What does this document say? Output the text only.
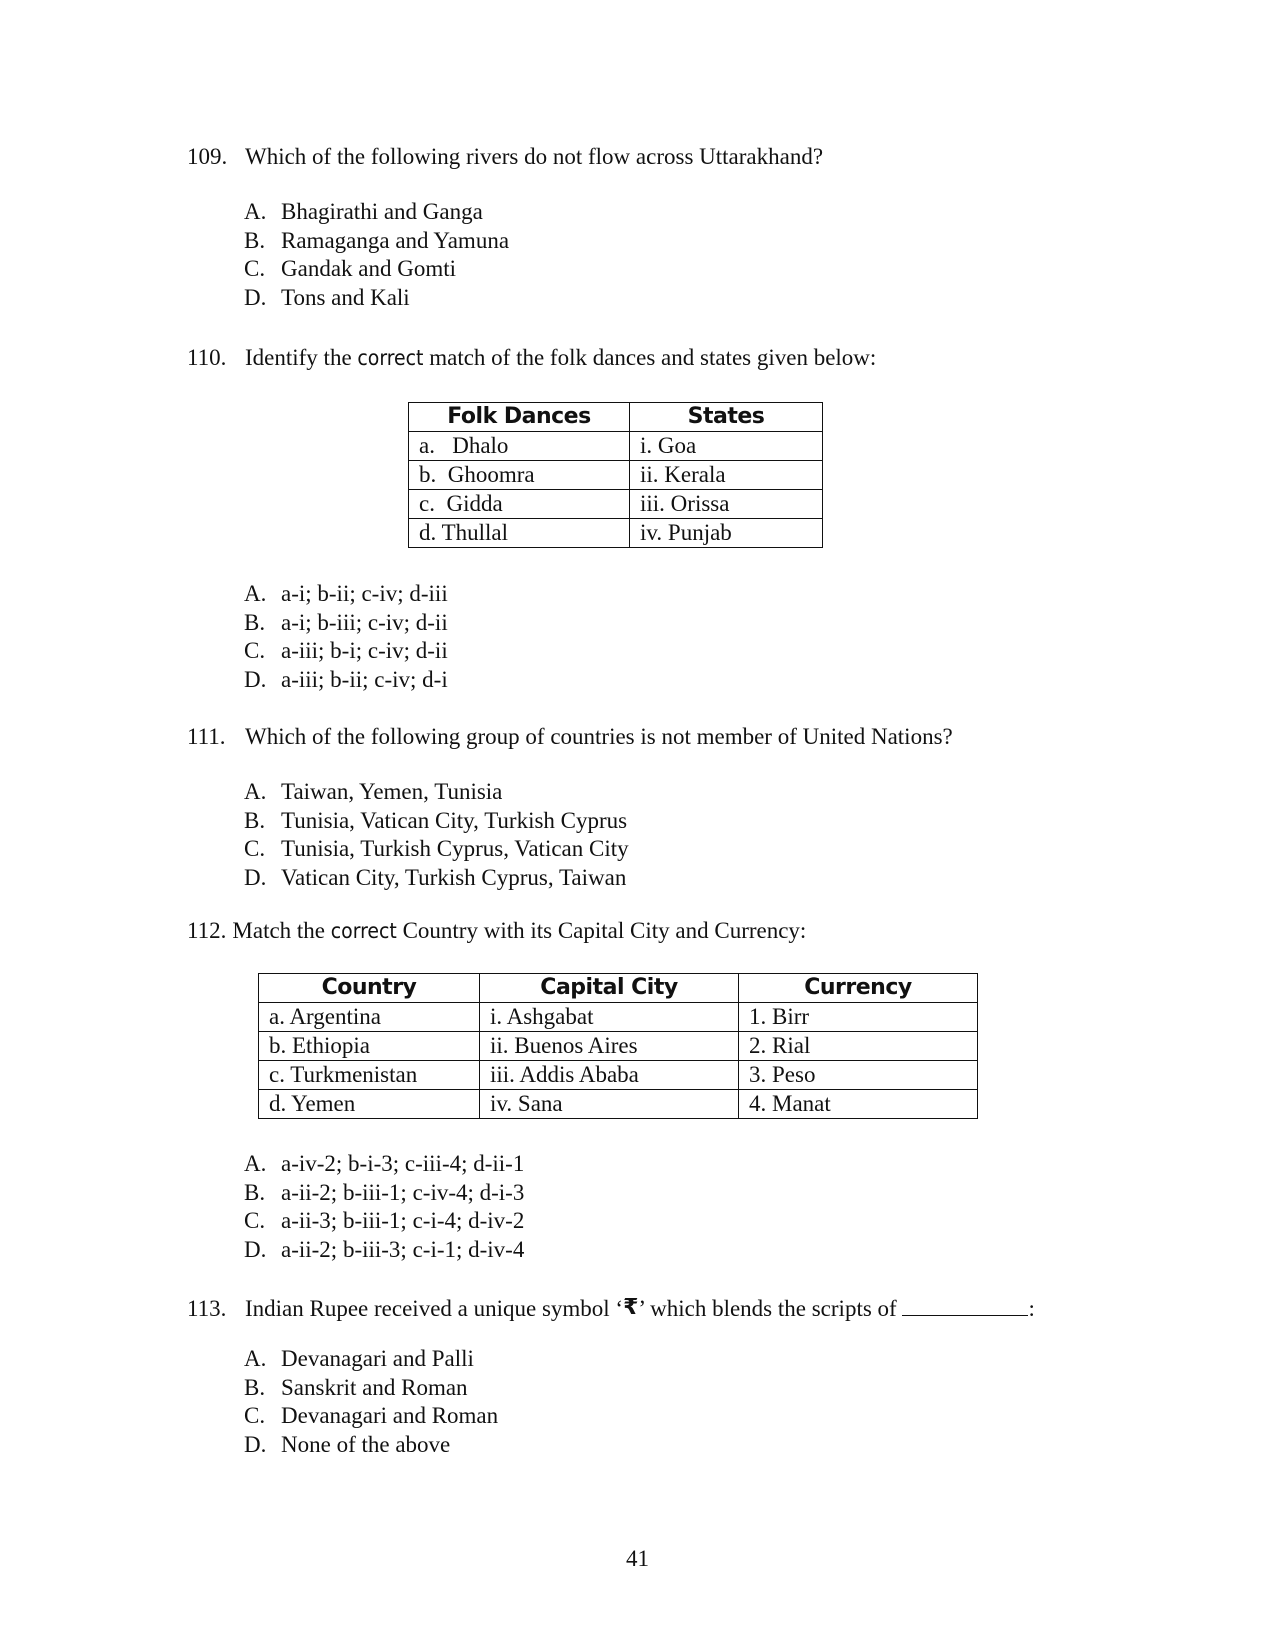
109. Which of the following rivers do not flow across Uttarakhand?
A. Bhagirathi and Ganga
B. Ramaganga and Yamuna
C. Gandak and Gomti
D. Tons and Kali
110. Identify the correct match of the folk dances and states given below:
Folk Dances	States
a.   Dhalo	i. Goa
b.  Ghoomra	ii. Kerala
c.  Gidda	iii. Orissa
d. Thullal	iv. Punjab
A. a-i; b-ii; c-iv; d-iii
B. a-i; b-iii; c-iv; d-ii
C. a-iii; b-i; c-iv; d-ii
D. a-iii; b-ii; c-iv; d-i
111. Which of the following group of countries is not member of United Nations?
A. Taiwan, Yemen, Tunisia
B. Tunisia, Vatican City, Turkish Cyprus
C. Tunisia, Turkish Cyprus, Vatican City
D. Vatican City, Turkish Cyprus, Taiwan
112. Match the correct Country with its Capital City and Currency:
Country	Capital City	Currency
a. Argentina	i. Ashgabat	1. Birr
b. Ethiopia	ii. Buenos Aires	2. Rial
c. Turkmenistan	iii. Addis Ababa	3. Peso
d. Yemen	iv. Sana	4. Manat
A. a-iv-2; b-i-3; c-iii-4; d-ii-1
B. a-ii-2; b-iii-1; c-iv-4; d-i-3
C. a-ii-3; b-iii-1; c-i-4; d-iv-2
D. a-ii-2; b-iii-3; c-i-1; d-iv-4
113. Indian Rupee received a unique symbol ‘₹’ which blends the scripts of	:
A. Devanagari and Palli
B. Sanskrit and Roman
C. Devanagari and Roman
D. None of the above
41
